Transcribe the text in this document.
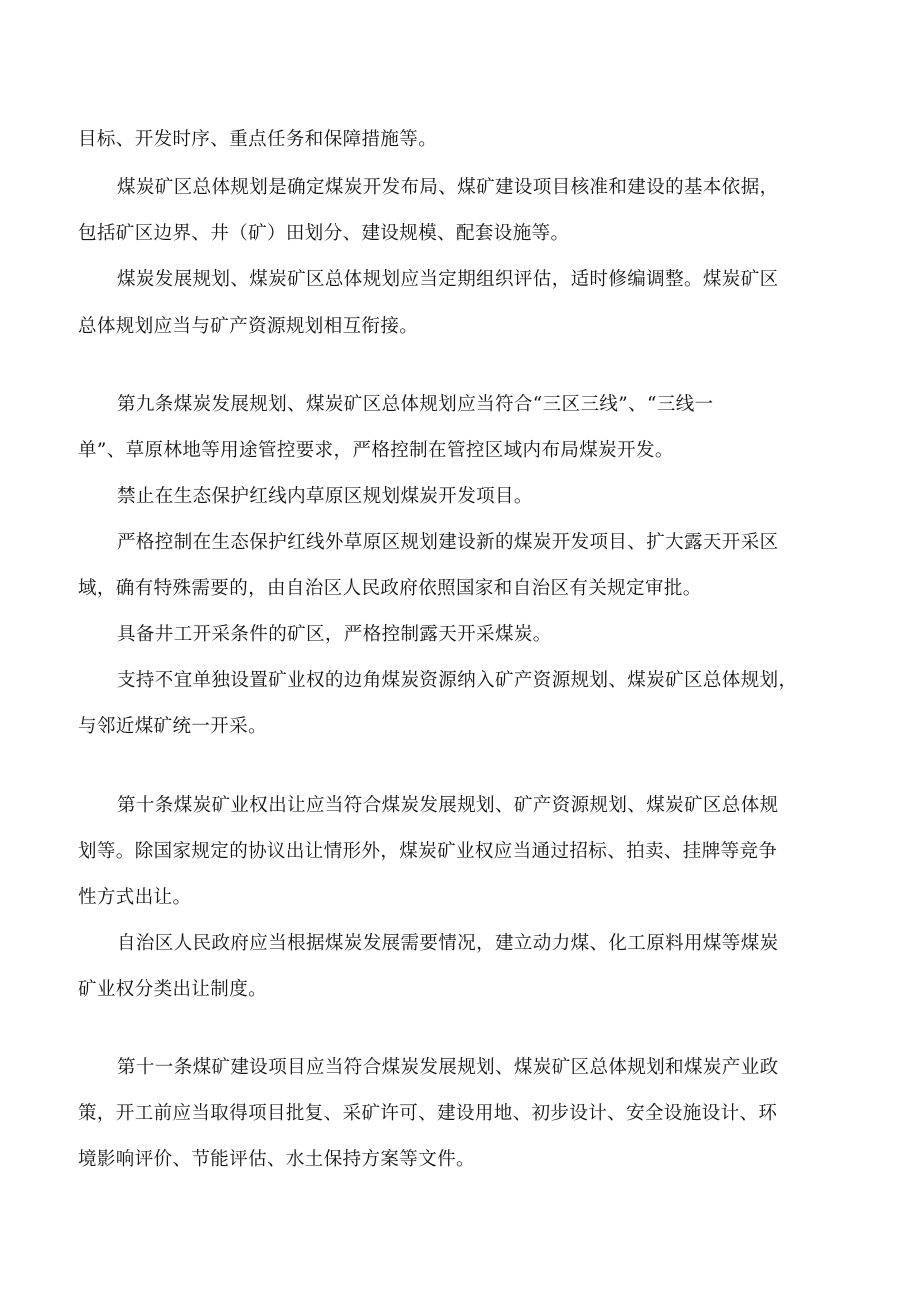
目标、开发时序、重点任务和保障措施等。
煤炭矿区总体规划是确定煤炭开发布局、煤矿建设项目核准和建设的基本依据，
包括矿区边界、井（矿）田划分、建设规模、配套设施等。
煤炭发展规划、煤炭矿区总体规划应当定期组织评估，适时修编调整。煤炭矿区
总体规划应当与矿产资源规划相互衔接。
第九条煤炭发展规划、煤炭矿区总体规划应当符合“三区三线”、“三线一
单”、草原林地等用途管控要求，严格控制在管控区域内布局煤炭开发。
禁止在生态保护红线内草原区规划煤炭开发项目。
严格控制在生态保护红线外草原区规划建设新的煤炭开发项目、扩大露天开采区
域，确有特殊需要的，由自治区人民政府依照国家和自治区有关规定审批。
具备井工开采条件的矿区，严格控制露天开采煤炭。
支持不宜单独设置矿业权的边角煤炭资源纳入矿产资源规划、煤炭矿区总体规划，
与邻近煤矿统一开采。
第十条煤炭矿业权出让应当符合煤炭发展规划、矿产资源规划、煤炭矿区总体规
划等。除国家规定的协议出让情形外，煤炭矿业权应当通过招标、拍卖、挂牌等竞争
性方式出让。
自治区人民政府应当根据煤炭发展需要情况，建立动力煤、化工原料用煤等煤炭
矿业权分类出让制度。
第十一条煤矿建设项目应当符合煤炭发展规划、煤炭矿区总体规划和煤炭产业政
策，开工前应当取得项目批复、采矿许可、建设用地、初步设计、安全设施设计、环
境影响评价、节能评估、水土保持方案等文件。
